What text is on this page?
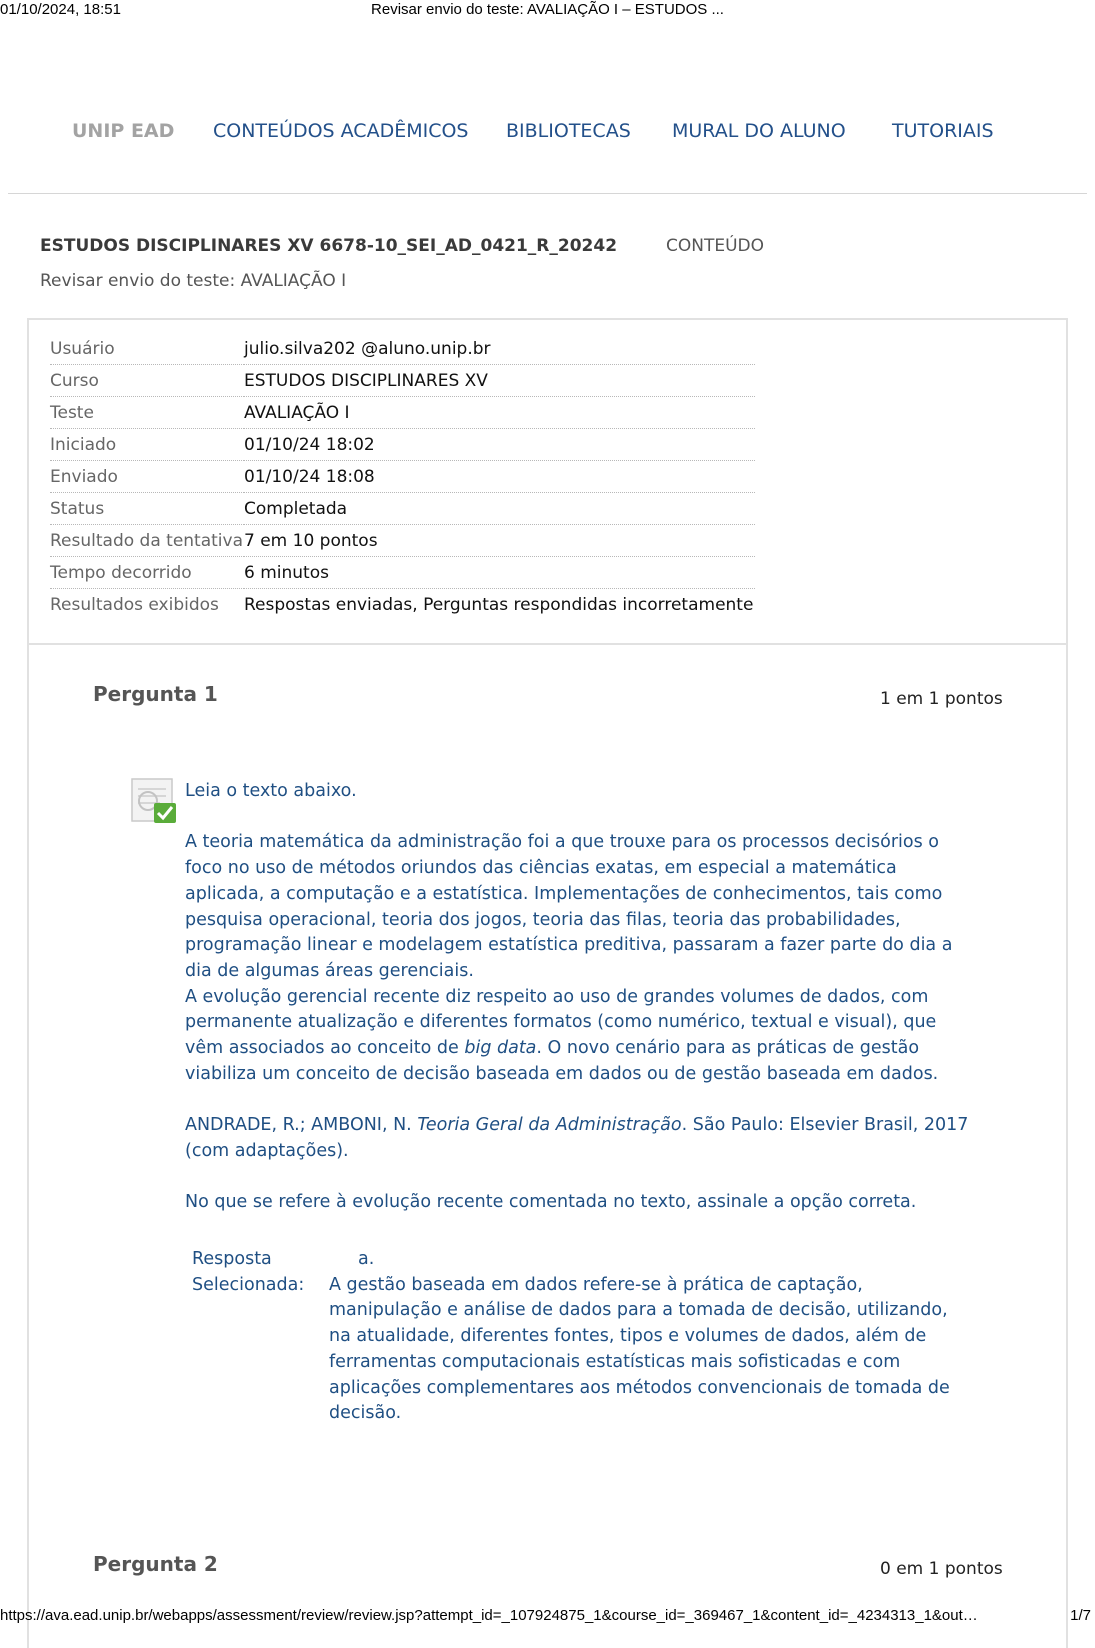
01/10/2024, 18:51	Revisar envio do teste: AVALIAÇÃO I – ESTUDOS ...
UNIP EAD CONTEÚDOS ACADÊMICOS BIBLIOTECAS MURAL DO ALUNO TUTORIAIS
ESTUDOS DISCIPLINARES XV 6678-10_SEI_AD_0421_R_20242	CONTEÚDO
Revisar envio do teste: AVALIAÇÃO I
Usuário	julio.silva202 @aluno.unip.br
Curso	ESTUDOS DISCIPLINARES XV
Teste	AVALIAÇÃO I
Iniciado	01/10/24 18:02
Enviado	01/10/24 18:08
Status	Completada
Resultado da tentativa	7 em 10 pontos
Tempo decorrido	6 minutos
Resultados exibidos	Respostas enviadas, Perguntas respondidas incorretamente
Pergunta 1	1 em 1 pontos

Leia o texto abaixo.

A teoria matemática da administração foi a que trouxe para os processos decisórios o foco no uso de métodos oriundos das ciências exatas, em especial a matemática aplicada, a computação e a estatística. Implementações de conhecimentos, tais como pesquisa operacional, teoria dos jogos, teoria das filas, teoria das probabilidades, programação linear e modelagem estatística preditiva, passaram a fazer parte do dia a dia de algumas áreas gerenciais.

A evolução gerencial recente diz respeito ao uso de grandes volumes de dados, com permanente atualização e diferentes formatos (como numérico, textual e visual), que vêm associados ao conceito de big data. O novo cenário para as práticas de gestão viabiliza um conceito de decisão baseada em dados ou de gestão baseada em dados.

ANDRADE, R.; AMBONI, N. Teoria Geral da Administração. São Paulo: Elsevier Brasil, 2017 (com adaptações).

No que se refere à evolução recente comentada no texto, assinale a opção correta.

Resposta
Selecionada:
a.
A gestão baseada em dados refere-se à prática de captação, manipulação e análise de dados para a tomada de decisão, utilizando, na atualidade, diferentes fontes, tipos e volumes de dados, além de ferramentas computacionais estatísticas mais sofisticadas e com aplicações complementares aos métodos convencionais de tomada de decisão.
Pergunta 2	0 em 1 pontos
https://ava.ead.unip.br/webapps/assessment/review/review.jsp?attempt_id=_107924875_1&course_id=_369467_1&content_id=_4234313_1&out…	1/7
